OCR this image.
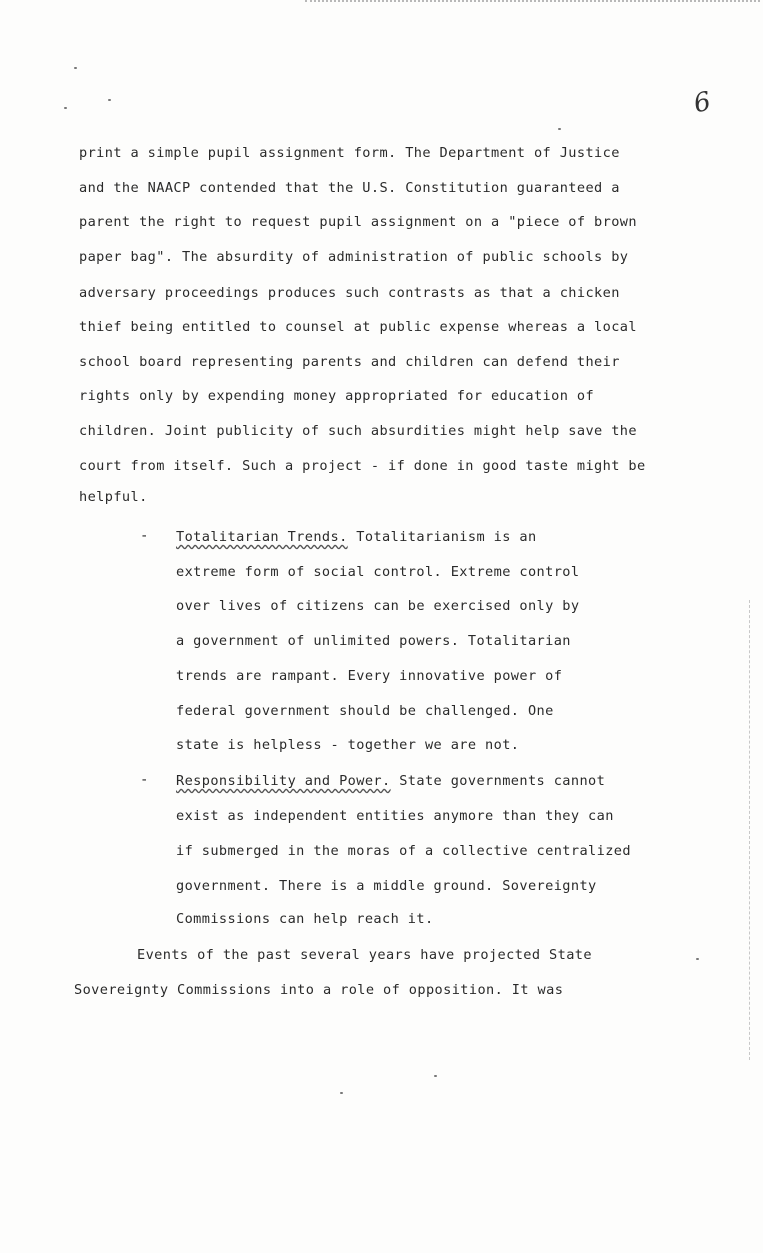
6
print a simple pupil assignment form. The Department of Justice
and the NAACP contended that the U.S. Constitution guaranteed a
parent the right to request pupil assignment on a "piece of brown
paper bag". The absurdity of administration of public schools by
adversary proceedings produces such contrasts as that a chicken
thief being entitled to counsel at public expense whereas a local
school board representing parents and children can defend their
rights only by expending money appropriated for education of
children. Joint publicity of such absurdities might help save the
court from itself. Such a project - if done in good taste might be
helpful.
- Totalitarian Trends. Totalitarianism is an
extreme form of social control. Extreme control
over lives of citizens can be exercised only by
a government of unlimited powers. Totalitarian
trends are rampant. Every innovative power of
federal government should be challenged. One
state is helpless - together we are not.
- Responsibility and Power. State governments cannot
exist as independent entities anymore than they can
if submerged in the moras of a collective centralized
government. There is a middle ground. Sovereignty
Commissions can help reach it.
Events of the past several years have projected State
Sovereignty Commissions into a role of opposition. It was
